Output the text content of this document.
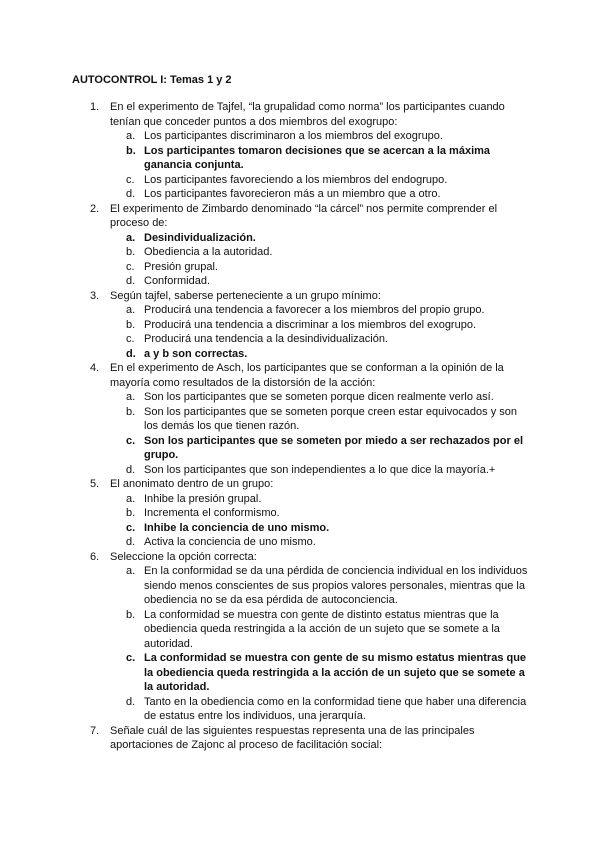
AUTOCONTROL I: Temas 1 y 2
1. En el experimento de Tajfel, “la grupalidad como norma” los participantes cuando tenían que conceder puntos a dos miembros del exogrupo:
a. Los participantes discriminaron a los miembros del exogrupo.
b. Los participantes tomaron decisiones que se acercan a la máxima ganancia conjunta.
c. Los participantes favoreciendo a los miembros del endogrupo.
d. Los participantes favorecieron más a un miembro que a otro.
2. El experimento de Zimbardo denominado “la cárcel” nos permite comprender el proceso de:
a. Desindividualización.
b. Obediencia a la autoridad.
c. Presión grupal.
d. Conformidad.
3. Según tajfel, saberse perteneciente a un grupo mínimo:
a. Producirá una tendencia a favorecer a los miembros del propio grupo.
b. Producirá una tendencia a discriminar a los miembros del exogrupo.
c. Producirá una tendencia a la desindividualización.
d. a y b son correctas.
4. En el experimento de Asch, los participantes que se conforman a la opinión de la mayoría como resultados de la distorsión de la acción:
a. Son los participantes que se someten porque dicen realmente verlo así.
b. Son los participantes que se someten porque creen estar equivocados y son los demás los que tienen razón.
c. Son los participantes que se someten por miedo a ser rechazados por el grupo.
d. Son los participantes que son independientes a lo que dice la mayoría.+
5. El anonimato dentro de un grupo:
a. Inhibe la presión grupal.
b. Incrementa el conformismo.
c. Inhibe la conciencia de uno mismo.
d. Activa la conciencia de uno mismo.
6. Seleccione la opción correcta:
a. En la conformidad se da una pérdida de conciencia individual en los individuos siendo menos conscientes de sus propios valores personales, mientras que la obediencia no se da esa pérdida de autoconciencia.
b. La conformidad se muestra con gente de distinto estatus mientras que la obediencia queda restringida a la acción de un sujeto que se somete a la autoridad.
c. La conformidad se muestra con gente de su mismo estatus mientras que la obediencia queda restringida a la acción de un sujeto que se somete a la autoridad.
d. Tanto en la obediencia como en la conformidad tiene que haber una diferencia de estatus entre los individuos, una jerarquía.
7. Señale cuál de las siguientes respuestas representa una de las principales aportaciones de Zajonc al proceso de facilitación social:
